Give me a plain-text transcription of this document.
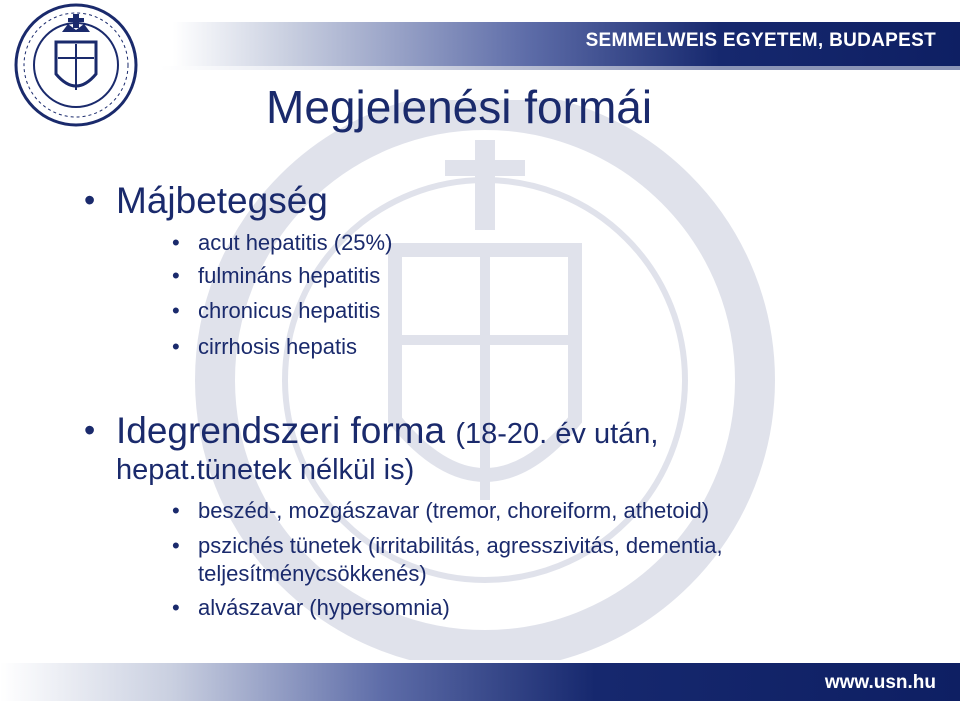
SEMMELWEIS EGYETEM, BUDAPEST
Megjelenési formái
• Májbetegség
• acut hepatitis (25%)
• fulmináns hepatitis
• chronicus hepatitis
• cirrhosis hepatis
• Idegrendszeri forma (18-20. év után,
hepat.tünetek nélkül is)
• beszéd-, mozgászavar (tremor, choreiform, athetoid)
• pszichés tünetek (irritabilitás, agresszivitás, dementia,
teljesítménycsökkenés)
• alvászavar (hypersomnia)
www.usn.hu
